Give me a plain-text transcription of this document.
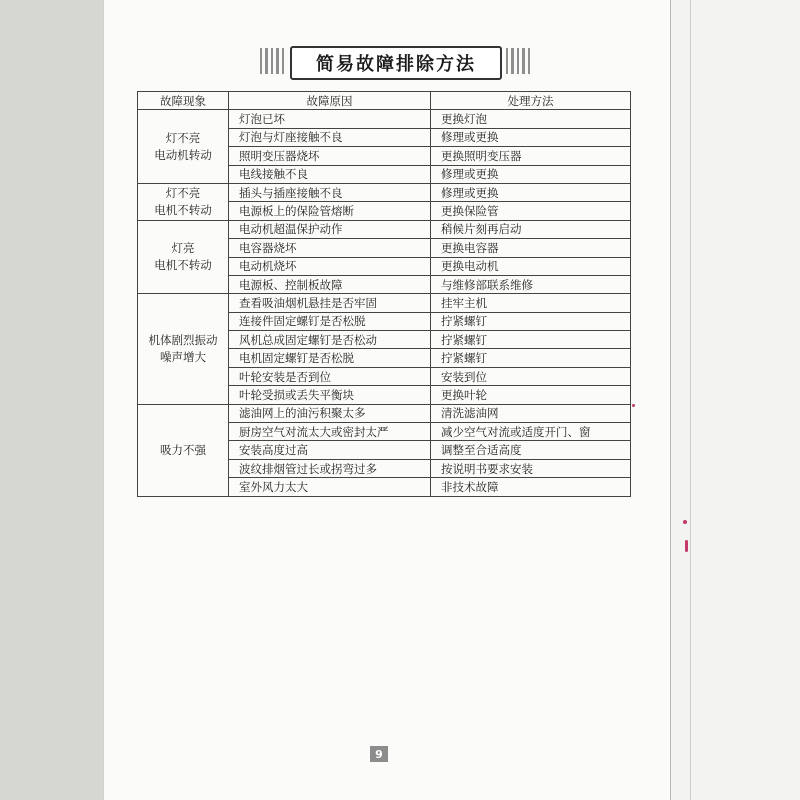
简易故障排除方法
故障现象	故障原因	处理方法

灯不亮
电动机转动	灯泡已坏	更换灯泡
	灯泡与灯座接触不良	修理或更换
	照明变压器烧坏	更换照明变压器
	电线接触不良	修理或更换

灯不亮
电机不转动	插头与插座接触不良	修理或更换
	电源板上的保险管熔断	更换保险管

灯亮
电机不转动	电动机超温保护动作	稍候片刻再启动
	电容器烧坏	更换电容器
	电动机烧坏	更换电动机
	电源板、控制板故障	与维修部联系维修

机体剧烈振动
噪声增大	查看吸油烟机悬挂是否牢固	挂牢主机
	连接件固定螺钉是否松脱	拧紧螺钉
	风机总成固定螺钉是否松动	拧紧螺钉
	电机固定螺钉是否松脱	拧紧螺钉
	叶轮安装是否到位	安装到位
	叶轮受损或丢失平衡块	更换叶轮

吸力不强	滤油网上的油污积聚太多	清洗滤油网
	厨房空气对流太大或密封太严	减少空气对流或适度开门、窗
	安装高度过高	调整至合适高度
	波纹排烟管过长或拐弯过多	按说明书要求安装
	室外风力太大	非技术故障
9
